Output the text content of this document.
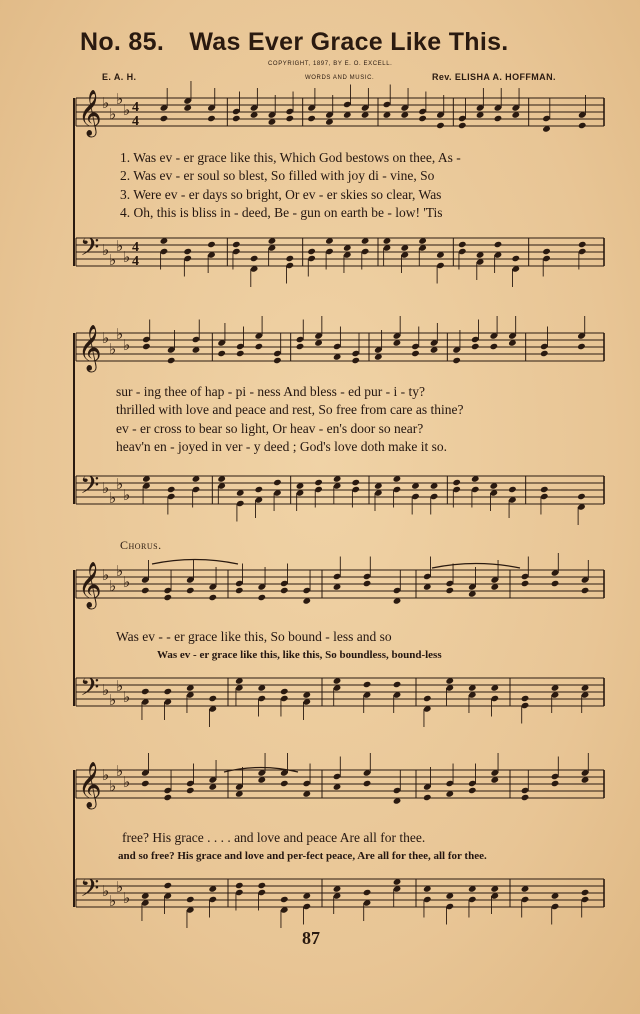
No. 85. Was Ever Grace Like This.
COPYRIGHT, 1897, BY E. O. EXCELL.
WORDS AND MUSIC.
E. A. H.	Rev. ELISHA A. HOFFMAN.
𝄞
𝄢
♭
♭
♭
♭
♭
♭
♭
♭
4
4
4
4
𝄞
𝄢
♭
♭
♭
♭
♭
♭
♭
♭
𝄞
𝄢
♭
♭
♭
♭
♭
♭
♭
♭
𝄞
𝄢
♭
♭
♭
♭
♭
♭
♭
♭
1. Was ev - er grace like this, Which God bestows on thee, As -
2. Was ev - er soul so blest, So filled with joy di - vine, So
3. Were ev - er days so bright, Or ev - er skies so clear, Was
4. Oh, this is bliss in - deed, Be - gun on earth be - low! 'Tis
sur - ing thee of hap - pi - ness And bless - ed pur - i - ty?
thrilled with love and peace and rest, So free from care as thine?
ev - er cross to bear so light, Or heav - en's door so near?
heav'n en - joyed in ver - y deed ; God's love doth make it so.
Chorus.
Was ev - - er grace like this, So bound - less and so
Was ev - er grace like this, like this, So boundless, bound-less
free? His grace . . . . and love and peace Are all for thee.
and so free? His grace and love and per-fect peace, Are all for thee, all for thee.
87
